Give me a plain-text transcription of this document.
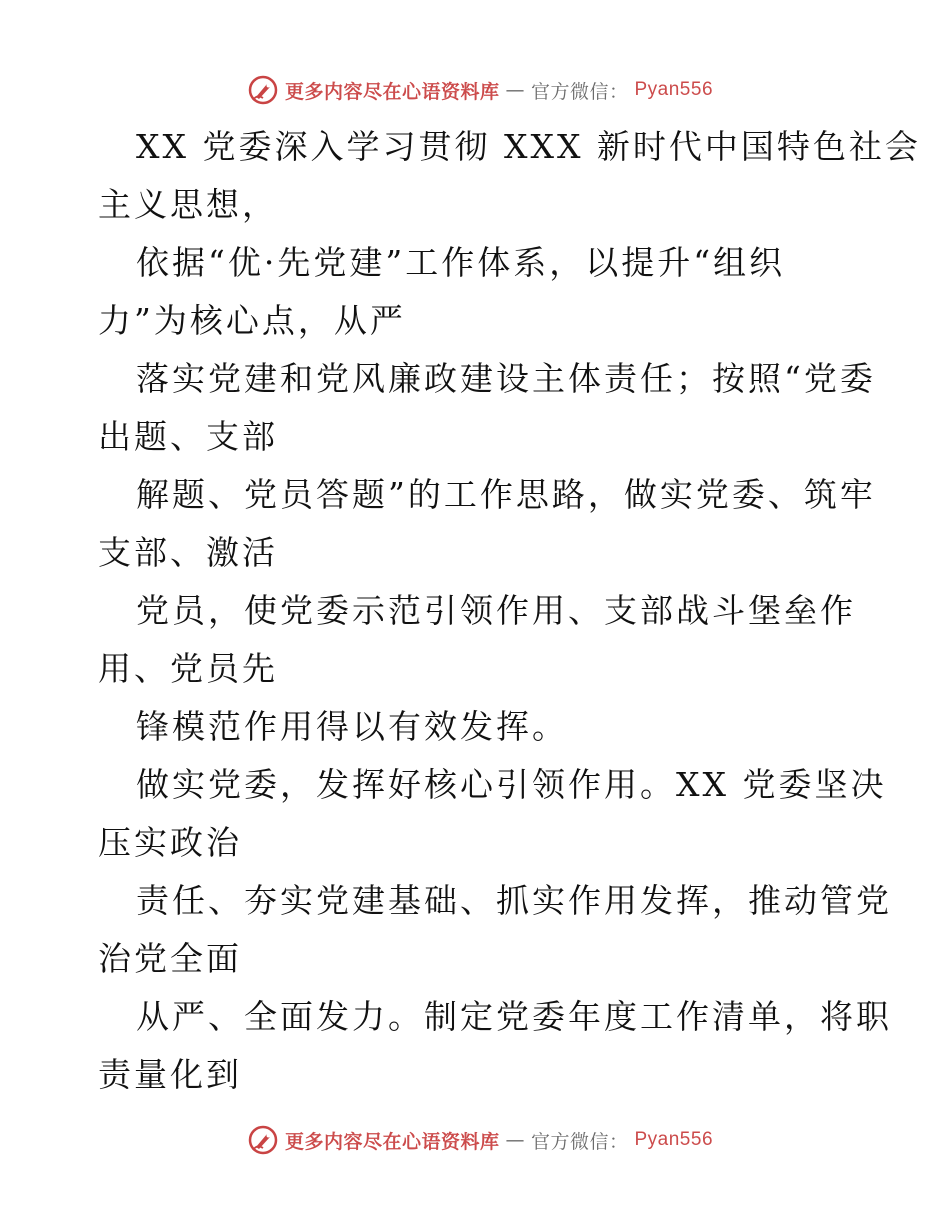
更多内容尽在心语资料库 — 官方微信： Pyan556
XX 党委深入学习贯彻 XXX 新时代中国特色社会
主义思想，
依据“优·先党建”工作体系，以提升“组织
力”为核心点，从严
落实党建和党风廉政建设主体责任；按照“党委
出题、支部
解题、党员答题”的工作思路，做实党委、筑牢
支部、激活
党员，使党委示范引领作用、支部战斗堡垒作
用、党员先
锋模范作用得以有效发挥。
做实党委，发挥好核心引领作用。XX 党委坚决
压实政治
责任、夯实党建基础、抓实作用发挥，推动管党
治党全面
从严、全面发力。制定党委年度工作清单，将职
责量化到
更多内容尽在心语资料库 — 官方微信： Pyan556
